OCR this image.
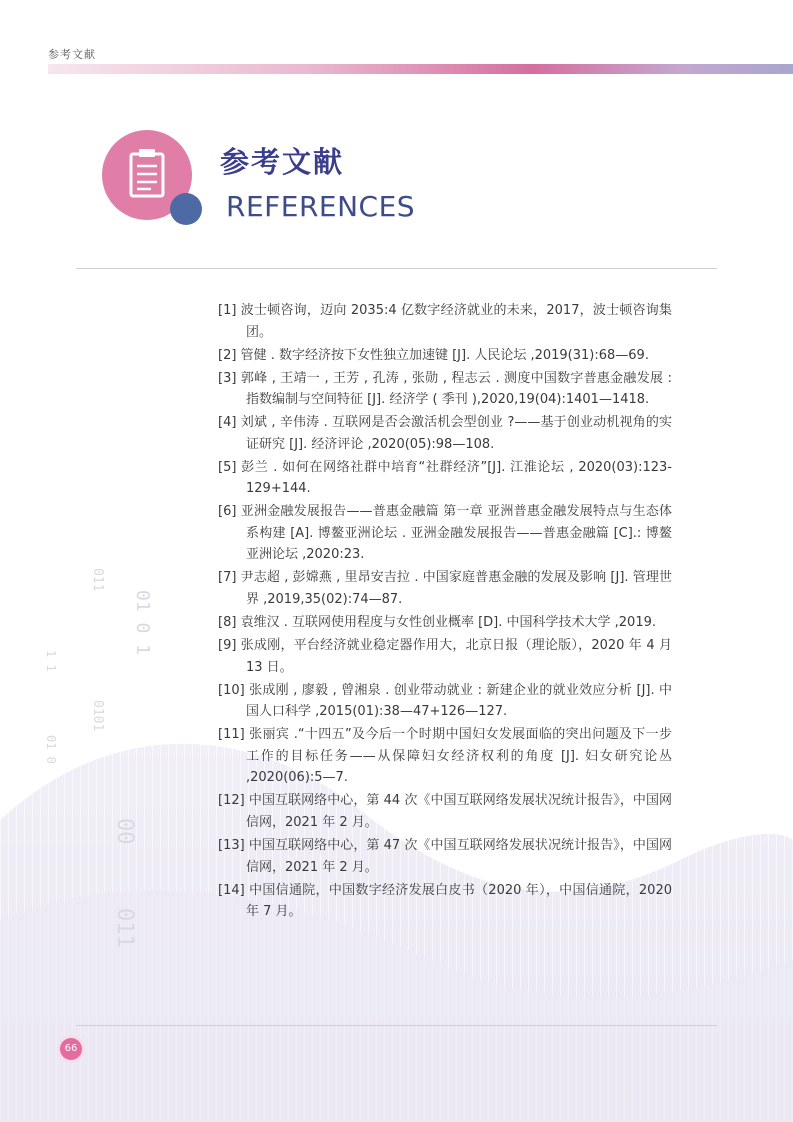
参考文献
01 0 1
011
1 1
0101
01 0
00
011
参考文献
REFERENCES

[1] 波士顿咨询，迈向 2035:4 亿数字经济就业的未来，2017，波士顿咨询集团。

[2] 管健 . 数字经济按下女性独立加速键 [J]. 人民论坛 ,2019(31):68—69.

[3] 郭峰 , 王靖一 , 王芳 , 孔涛 , 张勋 , 程志云 . 测度中国数字普惠金融发展 : 指数编制与空间特征 [J]. 经济学 ( 季刊 ),2020,19(04):1401—1418.

[4] 刘斌 , 辛伟涛 . 互联网是否会激活机会型创业 ?——基于创业动机视角的实证研究 [J]. 经济评论 ,2020(05):98—108.

[5] 彭兰 . 如何在网络社群中培育“社群经济”[J]. 江淮论坛 , 2020(03):123-129+144.

[6] 亚洲金融发展报告——普惠金融篇 第一章 亚洲普惠金融发展特点与生态体系构建 [A]. 博鳌亚洲论坛 . 亚洲金融发展报告——普惠金融篇 [C].: 博鳌亚洲论坛 ,2020:23.

[7] 尹志超 , 彭嫦燕 , 里昂安吉拉 . 中国家庭普惠金融的发展及影响 [J]. 管理世界 ,2019,35(02):74—87.

[8] 袁维汉 . 互联网使用程度与女性创业概率 [D]. 中国科学技术大学 ,2019.

[9] 张成刚，平台经济就业稳定器作用大，北京日报（理论版），2020 年 4 月 13 日。

[10] 张成刚 , 廖毅 , 曾湘泉 . 创业带动就业 : 新建企业的就业效应分析 [J]. 中国人口科学 ,2015(01):38—47+126—127.

[11] 张丽宾 .“十四五”及今后一个时期中国妇女发展面临的突出问题及下一步工作的目标任务——从保障妇女经济权利的角度 [J]. 妇女研究论丛 ,2020(06):5—7.

[12] 中国互联网络中心，第 44 次《中国互联网络发展状况统计报告》，中国网信网，2021 年 2 月。

[13] 中国互联网络中心，第 47 次《中国互联网络发展状况统计报告》，中国网信网，2021 年 2 月。

[14] 中国信通院，中国数字经济发展白皮书（2020 年），中国信通院，2020 年 7 月。

66
